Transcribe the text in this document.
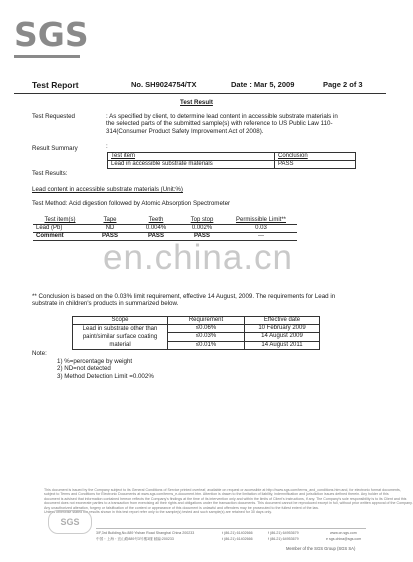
SGS
Test Report	No. SH9024754/TX	Date : Mar 5, 2009	Page 2 of 3
Test Result
Test Requested	: As specified by client, to determine lead content in accessible substrate materials in
the selected parts of the submitted sample(s) with reference to US Public Law 110-
314(Consumer Product Safety Improvement Act of 2008).
Result Summary	:
Test item	Conclusion
Lead in accessible substrate materials	PASS
Test Results:
Lead content in accessible substrate materials (Unit:%)
Test Method: Acid digestion followed by Atomic Absorption Spectrometer
Test item(s)	Tape	Teeth	Top stop	Permissible Limit**
Lead (Pb)	ND	0.004%	0.002%	0.03
Comment	PASS	PASS	PASS	---
en.china.cn
** Conclusion is based on the 0.03% limit requirement, effective 14 August, 2009. The requirements for Lead in
substrate in children's products in summarized below.
Scope	Requirement	Effective date

Lead in substrate other than
paint/similar surface coating
material	≤0.06%	10 February 2009
	≤0.03%	14 August 2009
	≤0.01%	14 August 2011
Note:
1) %=percentage by weight
2) ND=not detected
3) Method Detection Limit =0.002%
This document is issued by the Company subject to its General Conditions of Service printed overleaf, available on request or accessible at http://www.sgs.com/terms_and_conditions.htm and, for electronic format documents,
subject to Terms and Conditions for Electronic Documents at www.sgs.com/terms_e-document.htm. Attention is drawn to the limitation of liability, indemnification and jurisdiction issues defined therein. Any holder of this
document is advised that information contained hereon reflects the Company's findings at the time of its intervention only and within the limits of Client's instructions, if any. The Company's sole responsibility is to its Client and this
document does not exonerate parties to a transaction from exercising all their rights and obligations under the transaction documents. This document cannot be reproduced except in full, without prior written approval of the Company.
Any unauthorized alteration, forgery or falsification of the content or appearance of this document is unlawful and offenders may be prosecuted to the fullest extent of the law.
Unless otherwise stated the results shown in this test report refer only to the sample(s) tested and such sample(s) are retained for 30 days only.
SGS
3/F,3rd Building,No.889 Yishan Road Shanghai China 200233
中国・上海・宜山路889号3号楼3楼 邮编:200233
t (86-21) 61402666
t (86-21) 61402666
f (86-21) 64953679
f (86-21) 64953679
www.cn.sgs.com
e sgs.china@sgs.com
Member of the SGS Group (SGS SA)
